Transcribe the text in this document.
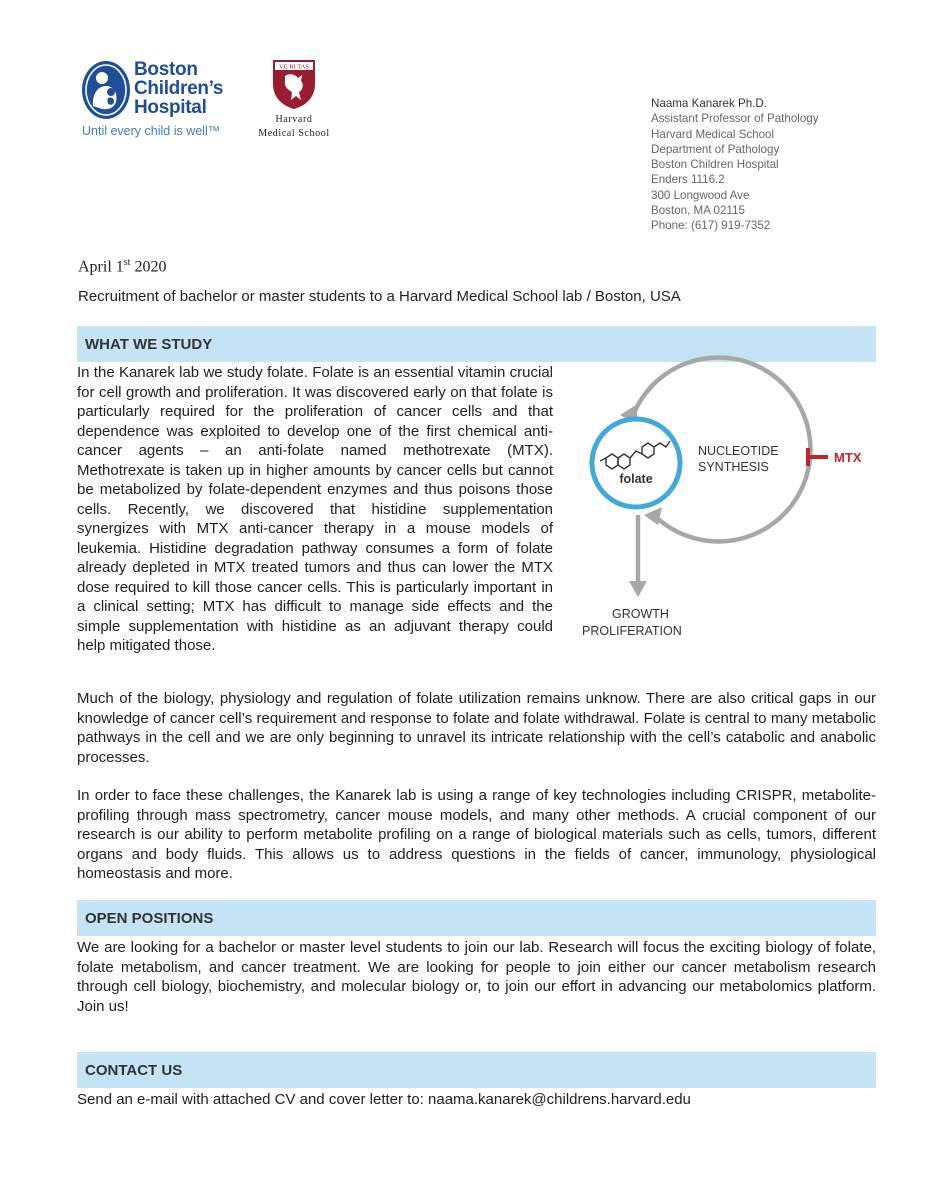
Boston
Children’s
Hospital
Until every child is well™
VE RI TAS
Harvard
Medical School
Naama Kanarek Ph.D.
Assistant Professor of Pathology
Harvard Medical School
Department of Pathology
Boston Children Hospital
Enders 1116.2
300 Longwood Ave
Boston, MA 02115
Phone: (617) 919-7352
April 1st 2020
Recruitment of bachelor or master students to a Harvard Medical School lab / Boston, USA
WHAT WE STUDY
In the Kanarek lab we study folate. Folate is an essential vitamin crucial for cell growth and proliferation. It was discovered early on that folate is particularly required for the proliferation of cancer cells and that dependence was exploited to develop one of the first chemical anti-cancer agents – an anti-folate named methotrexate (MTX). Methotrexate is taken up in higher amounts by cancer cells but cannot be metabolized by folate-dependent enzymes and thus poisons those cells. Recently, we discovered that histidine supplementation synergizes with MTX anti-cancer therapy in a mouse models of leukemia. Histidine degradation pathway consumes a form of folate already depleted in MTX treated tumors and thus can lower the MTX dose required to kill those cancer cells. This is particularly important in a clinical setting; MTX has difficult to manage side effects and the simple supplementation with histidine as an adjuvant therapy could help mitigated those.
folate
NUCLEOTIDE
SYNTHESIS
MTX
GROWTH
PROLIFERATION
Much of the biology, physiology and regulation of folate utilization remains unknow. There are also critical gaps in our knowledge of cancer cell’s requirement and response to folate and folate withdrawal. Folate is central to many metabolic pathways in the cell and we are only beginning to unravel its intricate relationship with the cell’s catabolic and anabolic processes.
In order to face these challenges, the Kanarek lab is using a range of key technologies including CRISPR, metabolite-profiling through mass spectrometry, cancer mouse models, and many other methods. A crucial component of our research is our ability to perform metabolite profiling on a range of biological materials such as cells, tumors, different organs and body fluids. This allows us to address questions in the fields of cancer, immunology, physiological homeostasis and more.
OPEN POSITIONS
We are looking for a bachelor or master level students to join our lab. Research will focus the exciting biology of folate, folate metabolism, and cancer treatment. We are looking for people to join either our cancer metabolism research through cell biology, biochemistry, and molecular biology or, to join our effort in advancing our metabolomics platform. Join us!
CONTACT US
Send an e-mail with attached CV and cover letter to: naama.kanarek@childrens.harvard.edu
